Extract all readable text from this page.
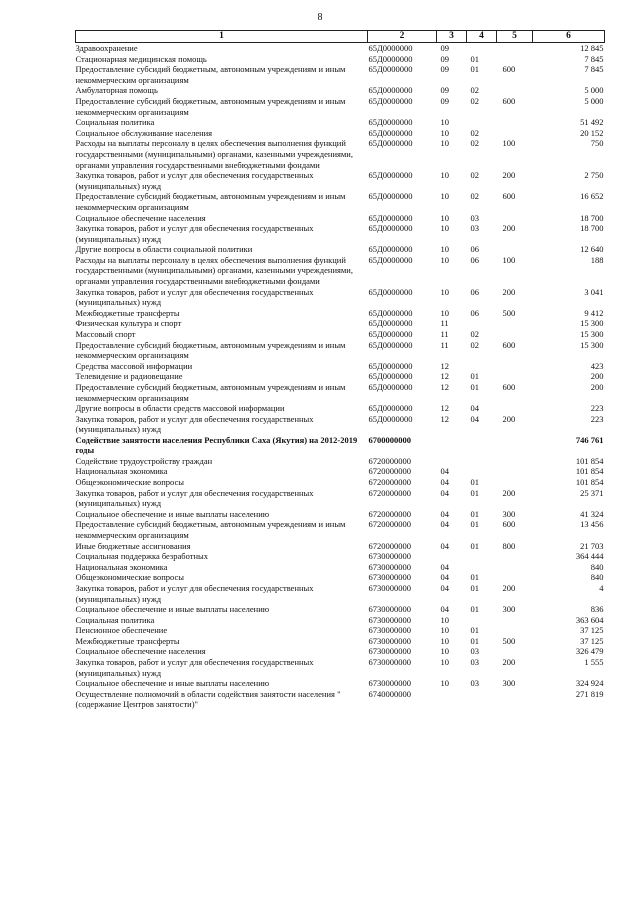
8
1	2	3	4	5	6
Здравоохранение	65Д0000000	09			12 845
Стационарная медицинская помощь	65Д0000000	09	01		7 845
Предоставление субсидий бюджетным, автономным учреждениям и иным некоммерческим организациям	65Д0000000	09	01	600	7 845
Амбулаторная помощь	65Д0000000	09	02		5 000
Предоставление субсидий бюджетным, автономным учреждениям и иным некоммерческим организациям	65Д0000000	09	02	600	5 000
Социальная политика	65Д0000000	10			51 492
Социальное обслуживание населения	65Д0000000	10	02		20 152
Расходы на выплаты персоналу в целях обеспечения выполнения функций государственными (муниципальными) органами, казенными учреждениями, органами управления государственными внебюджетными фондами	65Д0000000	10	02	100	750
Закупка товаров, работ и услуг для обеспечения государственных (муниципальных) нужд	65Д0000000	10	02	200	2 750
Предоставление субсидий бюджетным, автономным учреждениям и иным некоммерческим организациям	65Д0000000	10	02	600	16 652
Социальное обеспечение населения	65Д0000000	10	03		18 700
Закупка товаров, работ и услуг для обеспечения государственных (муниципальных) нужд	65Д0000000	10	03	200	18 700
Другие вопросы в области социальной политики	65Д0000000	10	06		12 640
Расходы на выплаты персоналу в целях обеспечения выполнения функций государственными (муниципальными) органами, казенными учреждениями, органами управления государственными внебюджетными фондами	65Д0000000	10	06	100	188
Закупка товаров, работ и услуг для обеспечения государственных (муниципальных) нужд	65Д0000000	10	06	200	3 041
Межбюджетные трансферты	65Д0000000	10	06	500	9 412
Физическая культура и спорт	65Д0000000	11			15 300
Массовый спорт	65Д0000000	11	02		15 300
Предоставление субсидий бюджетным, автономным учреждениям и иным некоммерческим организациям	65Д0000000	11	02	600	15 300
Средства массовой информации	65Д0000000	12			423
Телевидение и радиовещание	65Д0000000	12	01		200
Предоставление субсидий бюджетным, автономным учреждениям и иным некоммерческим организациям	65Д0000000	12	01	600	200
Другие вопросы в области средств массовой информации	65Д0000000	12	04		223
Закупка товаров, работ и услуг для обеспечения государственных (муниципальных) нужд	65Д0000000	12	04	200	223
Содействие занятости населения Республики Саха (Якутия) на 2012-2019 годы	6700000000				746 761
Содействие трудоустройству граждан	6720000000				101 854
Национальная экономика	6720000000	04			101 854
Общеэкономические вопросы	6720000000	04	01		101 854
Закупка товаров, работ и услуг для обеспечения государственных (муниципальных) нужд	6720000000	04	01	200	25 371
Социальное обеспечение и иные выплаты населению	6720000000	04	01	300	41 324
Предоставление субсидий бюджетным, автономным учреждениям и иным некоммерческим организациям	6720000000	04	01	600	13 456
Иные бюджетные ассигнования	6720000000	04	01	800	21 703
Социальная поддержка безработных	6730000000				364 444
Национальная экономика	6730000000	04			840
Общеэкономические вопросы	6730000000	04	01		840
Закупка товаров, работ и услуг для обеспечения государственных (муниципальных) нужд	6730000000	04	01	200	4
Социальное обеспечение и иные выплаты населению	6730000000	04	01	300	836
Социальная политика	6730000000	10			363 604
Пенсионное обеспечение	6730000000	10	01		37 125
Межбюджетные трансферты	6730000000	10	01	500	37 125
Социальное обеспечение населения	6730000000	10	03		326 479
Закупка товаров, работ и услуг для обеспечения государственных (муниципальных) нужд	6730000000	10	03	200	1 555
Социальное обеспечение и иные выплаты населению	6730000000	10	03	300	324 924
Осуществление полномочий в области содействия занятости населения "(содержание Центров занятости)"	6740000000				271 819
